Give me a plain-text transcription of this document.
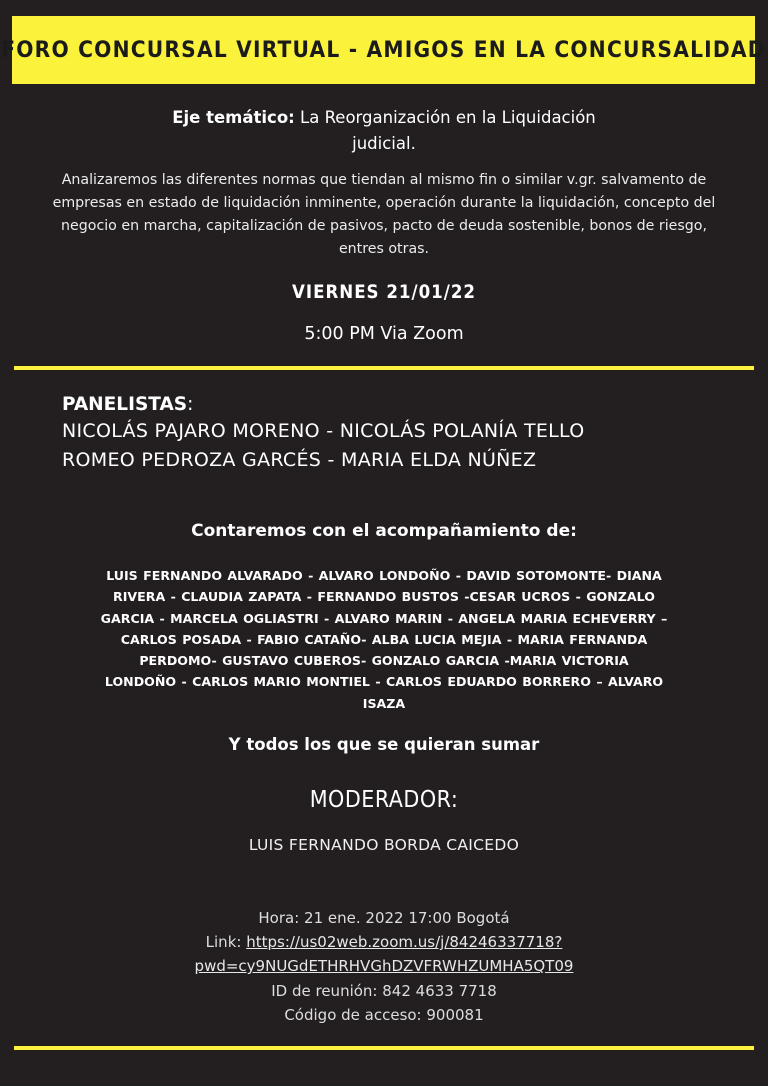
FORO CONCURSAL VIRTUAL - AMIGOS EN LA CONCURSALIDAD
Eje temático: La Reorganización en la Liquidación
judicial.
Analizaremos las diferentes normas que tiendan al mismo fin o similar v.gr. salvamento de empresas en estado de liquidación inminente, operación durante la liquidación, concepto del negocio en marcha, capitalización de pasivos, pacto de deuda sostenible, bonos de riesgo, entres otras.
VIERNES 21/01/22
5:00 PM Via Zoom
PANELISTAS:
NICOLÁS PAJARO MORENO - NICOLÁS POLANÍA TELLO
ROMEO PEDROZA GARCÉS - MARIA ELDA NÚÑEZ
Contaremos con el acompañamiento de:
LUIS FERNANDO ALVARADO - ALVARO LONDOÑO - DAVID SOTOMONTE- DIANA
RIVERA - CLAUDIA ZAPATA - FERNANDO BUSTOS -CESAR UCROS - GONZALO
GARCIA - MARCELA OGLIASTRI - ALVARO MARIN - ANGELA MARIA ECHEVERRY –
CARLOS POSADA - FABIO CATAÑO- ALBA LUCIA MEJIA - MARIA FERNANDA
PERDOMO- GUSTAVO CUBEROS- GONZALO GARCIA -MARIA VICTORIA
LONDOÑO - CARLOS MARIO MONTIEL - CARLOS EDUARDO BORRERO – ALVARO
ISAZA
Y todos los que se quieran sumar
MODERADOR:
LUIS FERNANDO BORDA CAICEDO
Hora: 21 ene. 2022 17:00 Bogotá
Link: https://us02web.zoom.us/j/84246337718?
pwd=cy9NUGdETHRHVGhDZVFRWHZUMHA5QT09
ID de reunión: 842 4633 7718
Código de acceso: 900081
